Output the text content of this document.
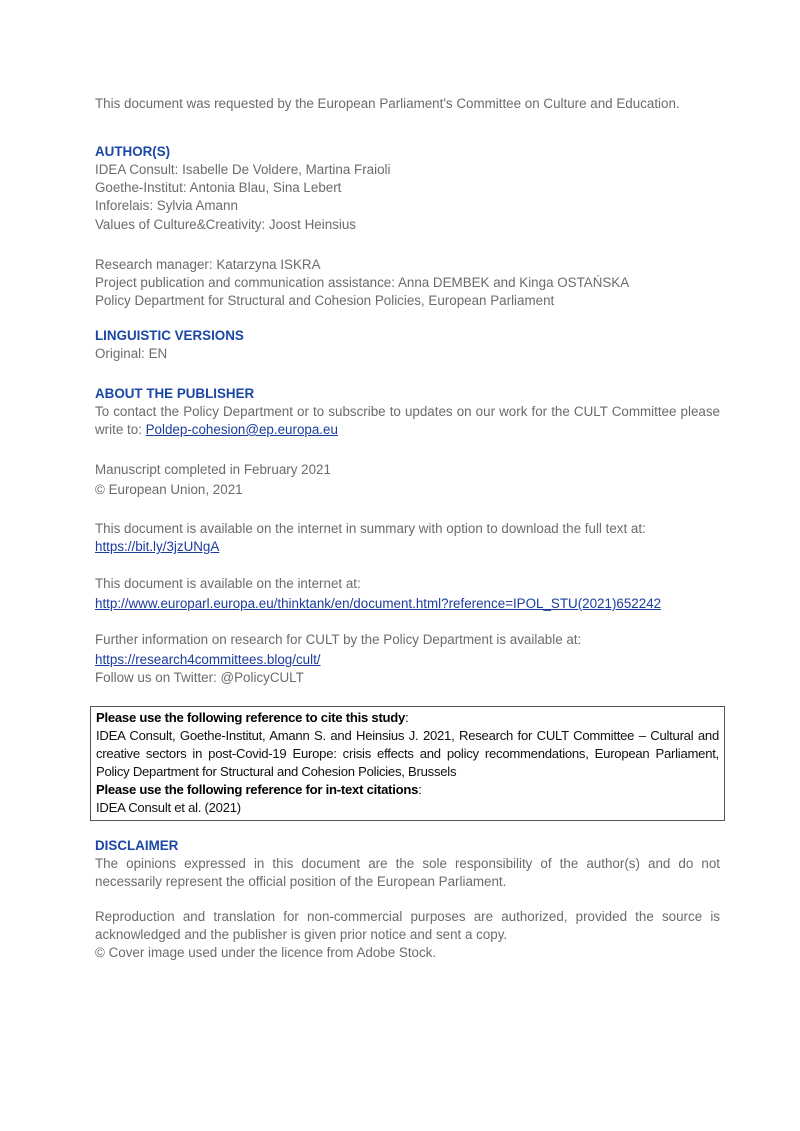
This document was requested by the European Parliament's Committee on Culture and Education.
AUTHOR(S)
IDEA Consult: Isabelle De Voldere, Martina Fraioli
Goethe-Institut: Antonia Blau, Sina Lebert
Inforelais: Sylvia Amann
Values of Culture&Creativity: Joost Heinsius
Research manager: Katarzyna ISKRA
Project publication and communication assistance: Anna DEMBEK and Kinga OSTAŃSKA
Policy Department for Structural and Cohesion Policies, European Parliament
LINGUISTIC VERSIONS
Original: EN
ABOUT THE PUBLISHER
To contact the Policy Department or to subscribe to updates on our work for the CULT Committee please write to: Poldep-cohesion@ep.europa.eu
Manuscript completed in February 2021
© European Union, 2021
This document is available on the internet in summary with option to download the full text at:
https://bit.ly/3jzUNgA
This document is available on the internet at:
http://www.europarl.europa.eu/thinktank/en/document.html?reference=IPOL_STU(2021)652242
Further information on research for CULT by the Policy Department is available at:
https://research4committees.blog/cult/
Follow us on Twitter: @PolicyCULT
Please use the following reference to cite this study:
IDEA Consult, Goethe-Institut, Amann S. and Heinsius J. 2021, Research for CULT Committee – Cultural and creative sectors in post-Covid-19 Europe: crisis effects and policy recommendations, European Parliament, Policy Department for Structural and Cohesion Policies, Brussels
Please use the following reference for in-text citations:
IDEA Consult et al. (2021)
DISCLAIMER
The opinions expressed in this document are the sole responsibility of the author(s) and do not necessarily represent the official position of the European Parliament.
Reproduction and translation for non-commercial purposes are authorized, provided the source is acknowledged and the publisher is given prior notice and sent a copy.
© Cover image used under the licence from Adobe Stock.
